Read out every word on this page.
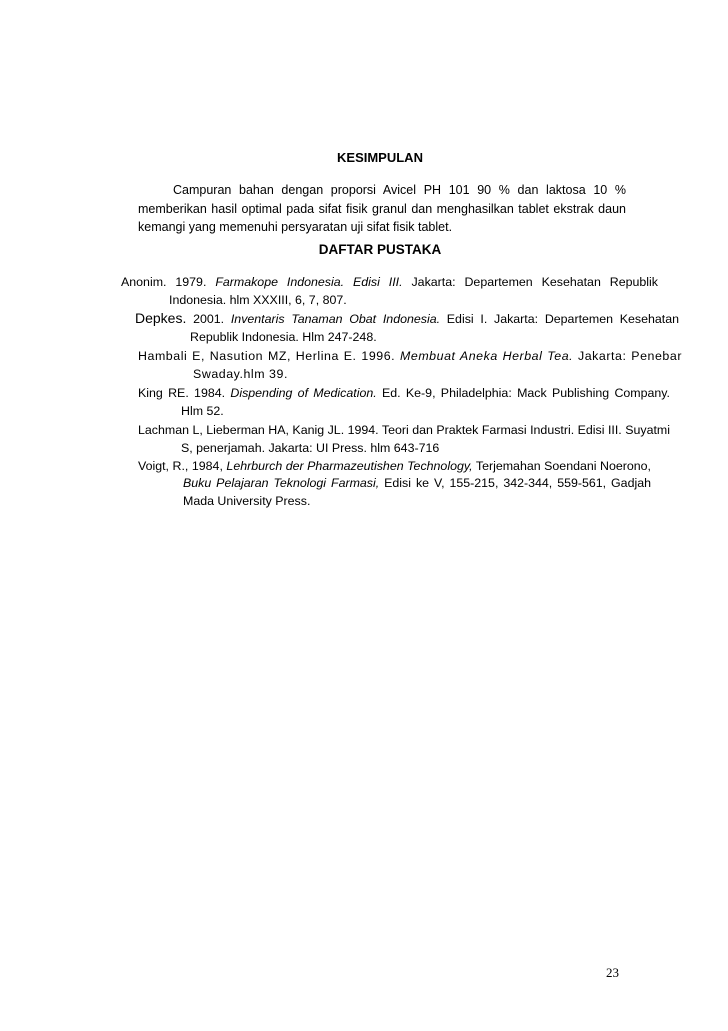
KESIMPULAN
Campuran bahan dengan proporsi Avicel PH 101 90 % dan laktosa 10 % memberikan hasil optimal pada sifat fisik granul dan menghasilkan tablet ekstrak daun kemangi yang memenuhi persyaratan uji sifat fisik tablet.
DAFTAR PUSTAKA
Anonim. 1979. Farmakope Indonesia. Edisi III. Jakarta: Departemen Kesehatan Republik Indonesia. hlm XXXIII, 6, 7, 807.
Depkes. 2001. Inventaris Tanaman Obat Indonesia. Edisi I. Jakarta: Departemen Kesehatan Republik Indonesia. Hlm 247-248.
Hambali E, Nasution MZ, Herlina E. 1996. Membuat Aneka Herbal Tea. Jakarta: Penebar Swaday.hlm 39.
King RE. 1984. Dispending of Medication. Ed. Ke-9, Philadelphia: Mack Publishing Company. Hlm 52.
Lachman L, Lieberman HA, Kanig JL. 1994. Teori dan Praktek Farmasi Industri. Edisi III. Suyatmi S, penerjamah. Jakarta: UI Press. hlm 643-716
Voigt, R., 1984, Lehrburch der Pharmazeutishen Technology, Terjemahan Soendani Noerono, Buku Pelajaran Teknologi Farmasi, Edisi ke V, 155-215, 342-344, 559-561, Gadjah Mada University Press.
23
